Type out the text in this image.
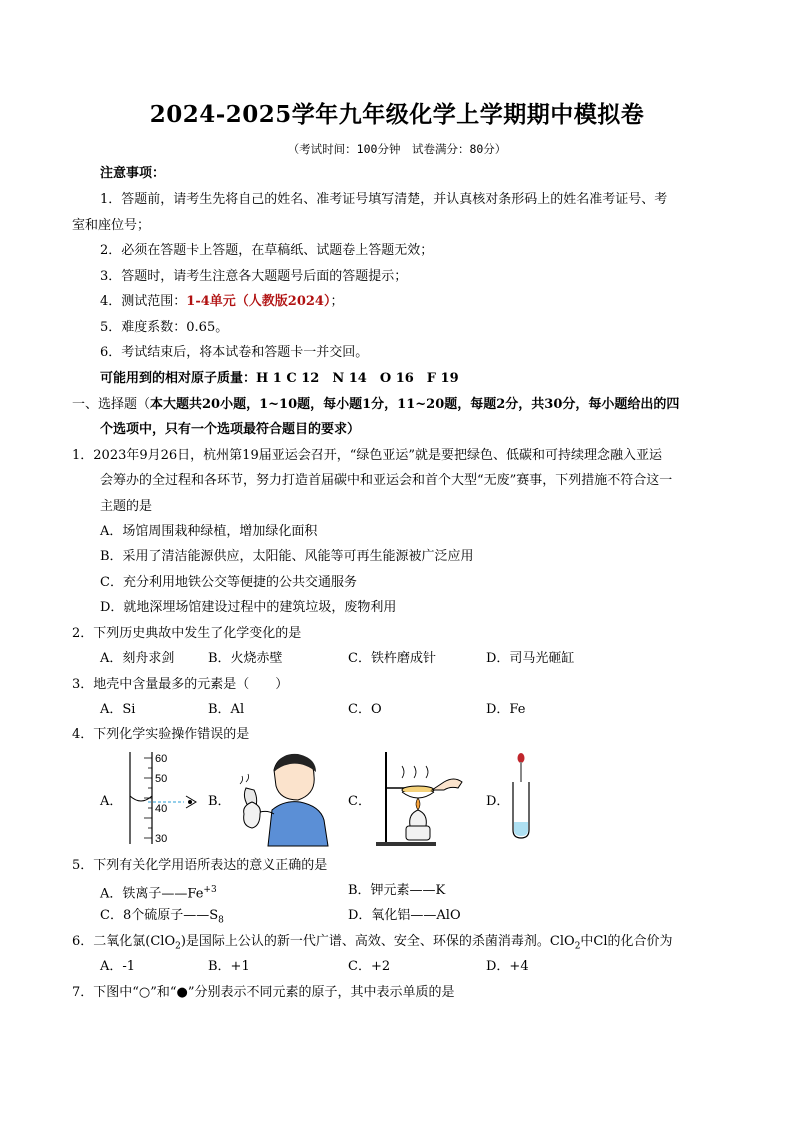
2024-2025学年九年级化学上学期期中模拟卷
（考试时间：100分钟　试卷满分：80分）
注意事项：
1．答题前，请考生先将自己的姓名、准考证号填写清楚，并认真核对条形码上的姓名准考证号、考
室和座位号；
2．必须在答题卡上答题，在草稿纸、试题卷上答题无效；
3．答题时，请考生注意各大题题号后面的答题提示；
4．测试范围：1-4单元（人教版2024）；
5．难度系数：0.65。
6．考试结束后，将本试卷和答题卡一并交回。
可能用到的相对原子质量：H 1 C 12　N 14　O 16　F 19
一、选择题（本大题共20小题，1~10题，每小题1分，11~20题，每题2分，共30分，每小题给出的四
个选项中，只有一个选项最符合题目的要求）
1．2023年9月26日，杭州第19届亚运会召开，“绿色亚运”就是要把绿色、低碳和可持续理念融入亚运
会筹办的全过程和各环节，努力打造首届碳中和亚运会和首个大型“无废”赛事，下列措施不符合这一
主题的是
A．场馆周围栽种绿植，增加绿化面积
B．采用了清洁能源供应，太阳能、风能等可再生能源被广泛应用
C．充分利用地铁公交等便捷的公共交通服务
D．就地深埋场馆建设过程中的建筑垃圾，废物利用
2．下列历史典故中发生了化学变化的是
A．刻舟求剑	B．火烧赤壁	C．铁杵磨成针	D．司马光砸缸
3．地壳中含量最多的元素是（　　）
A．Si	B．Al	C．O	D．Fe
4．下列化学实验操作错误的是
A．	B．	C．	D．
60
50
40
30
5．下列有关化学用语所表达的意义正确的是
A．铁离子$——Fe^{+3}$	B．钾元素——K
C．8个硫原子$——S_8$	D．氧化铝——AlO
6．二氧化氯(ClO$_2$)是国际上公认的新一代广谱、高效、安全、环保的杀菌消毒剂。ClO$_2$中Cl的化合价为
A．-1	B．+1	C．+2	D．+4
7．下图中“○”和“●”分别表示不同元素的原子，其中表示单质的是
